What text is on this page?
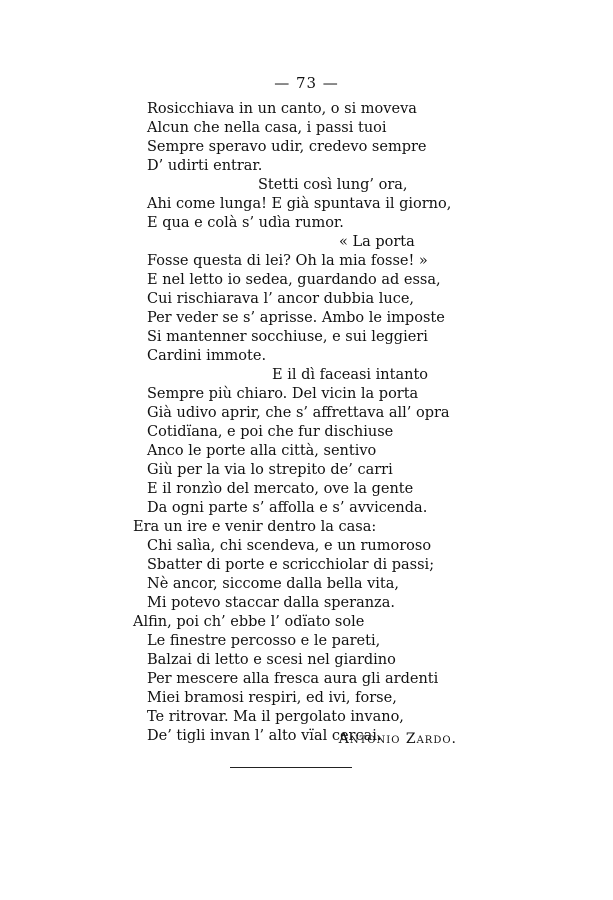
— 73 —
Rosicchiava in un canto, o si moveva
Alcun che nella casa, i passi tuoi
Sempre speravo udir, credevo sempre
D’ udirti entrar.
Stetti così lung’ ora,
Ahi come lunga! E già spuntava il giorno,
E qua e colà s’ udìa rumor.
« La porta
Fosse questa di lei? Oh la mia fosse! »
E nel letto io sedea, guardando ad essa,
Cui rischiarava l’ ancor dubbia luce,
Per veder se s’ aprisse. Ambo le imposte
Si mantenner socchiuse, e sui leggieri
Cardini immote.
E il dì faceasi intanto
Sempre più chiaro. Del vicin la porta
Già udivo aprir, che s’ affrettava all’ opra
Cotidïana, e poi che fur dischiuse
Anco le porte alla città, sentivo
Giù per la via lo strepito de’ carri
E il ronzìo del mercato, ove la gente
Da ogni parte s’ affolla e s’ avvicenda.
Era un ire e venir dentro la casa:
Chi salìa, chi scendeva, e un rumoroso
Sbatter di porte e scricchiolar di passi;
Nè ancor, siccome dalla bella vita,
Mi potevo staccar dalla speranza.
Alfin, poi ch’ ebbe l’ odïato sole
Le finestre percosso e le pareti,
Balzai di letto e scesi nel giardino
Per mescere alla fresca aura gli ardenti
Miei bramosi respiri, ed ivi, forse,
Te ritrovar. Ma il pergolato invano,
De’ tigli invan l’ alto vïal cercai.
Antonio Zardo.
